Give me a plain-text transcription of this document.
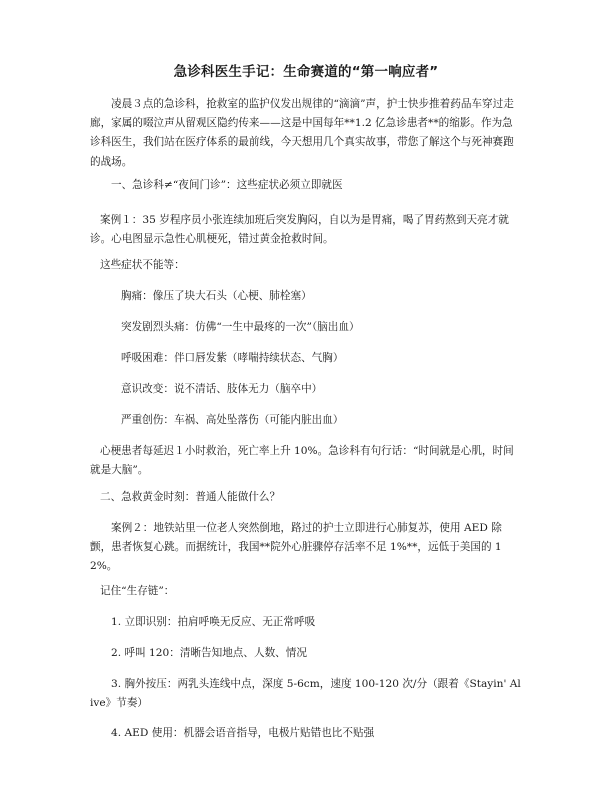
急诊科医生手记：生命赛道的“第一响应者”

凌晨３点的急诊科，抢救室的监护仪发出规律的“滴滴”声，护士快步推着药品车穿过走廊，家属的啜泣声从留观区隐约传来——这是中国每年**1.2 亿急诊患者**的缩影。作为急诊科医生，我们站在医疗体系的最前线，今天想用几个真实故事，带您了解这个与死神赛跑的战场。

一、急诊科≠“夜间门诊”：这些症状必须立即就医

案例１：35 岁程序员小张连续加班后突发胸闷，自以为是胃痛，喝了胃药熬到天亮才就诊。心电图显示急性心肌梗死，错过黄金抢救时间。

这些症状不能等：

胸痛：像压了块大石头（心梗、肺栓塞）

突发剧烈头痛：仿佛“一生中最疼的一次”（脑出血）

呼吸困难：伴口唇发紫（哮喘持续状态、气胸）

意识改变：说不清话、肢体无力（脑卒中）

严重创伤：车祸、高处坠落伤（可能内脏出血）

心梗患者每延迟１小时救治，死亡率上升 10%。急诊科有句行话：“时间就是心肌，时间就是大脑”。

二、急救黄金时刻：普通人能做什么？

案例２：地铁站里一位老人突然倒地，路过的护士立即进行心肺复苏，使用 AED 除颤，患者恢复心跳。而据统计，我国**院外心脏骤停存活率不足 1%**，远低于美国的 12%。

记住“生存链”：

1. 立即识别：拍肩呼唤无反应、无正常呼吸

2. 呼叫 120：清晰告知地点、人数、情况

3. 胸外按压：两乳头连线中点，深度 5-6cm，速度 100-120 次/分（跟着《Stayin' Alive》节奏）

4. AED 使用：机器会语音指导，电极片贴错也比不贴强
